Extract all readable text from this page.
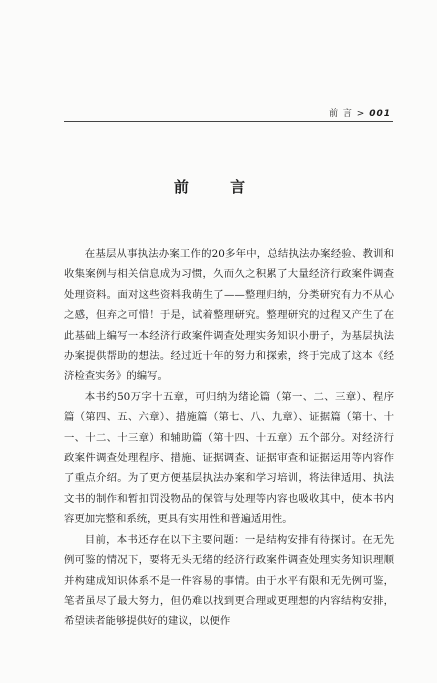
前 言 > 001
前 言

在基层从事执法办案工作的20多年中，总结执法办案经验、教训和收集案例与相关信息成为习惯，久而久之积累了大量经济行政案件调查处理资料。面对这些资料我萌生了——整理归纳，分类研究有力不从心之感，但弃之可惜！于是，试着整理研究。整理研究的过程又产生了在此基础上编写一本经济行政案件调查处理实务知识小册子，为基层执法办案提供帮助的想法。经过近十年的努力和探索，终于完成了这本《经济检查实务》的编写。

本书约50万字十五章，可归纳为绪论篇（第一、二、三章）、程序篇（第四、五、六章）、措施篇（第七、八、九章）、证据篇（第十、十一、十二、十三章）和辅助篇（第十四、十五章）五个部分。对经济行政案件调查处理程序、措施、证据调查、证据审查和证据运用等内容作了重点介绍。为了更方便基层执法办案和学习培训，将法律适用、执法文书的制作和暂扣罚没物品的保管与处理等内容也吸收其中，使本书内容更加完整和系统，更具有实用性和普遍适用性。

目前，本书还存在以下主要问题：一是结构安排有待探讨。在无先例可鉴的情况下，要将无头无绪的经济行政案件调查处理实务知识理顺并构建成知识体系不是一件容易的事情。由于水平有限和无先例可鉴，笔者虽尽了最大努力，但仍难以找到更合理或更理想的内容结构安排，希望读者能够提供好的建议，以便作
